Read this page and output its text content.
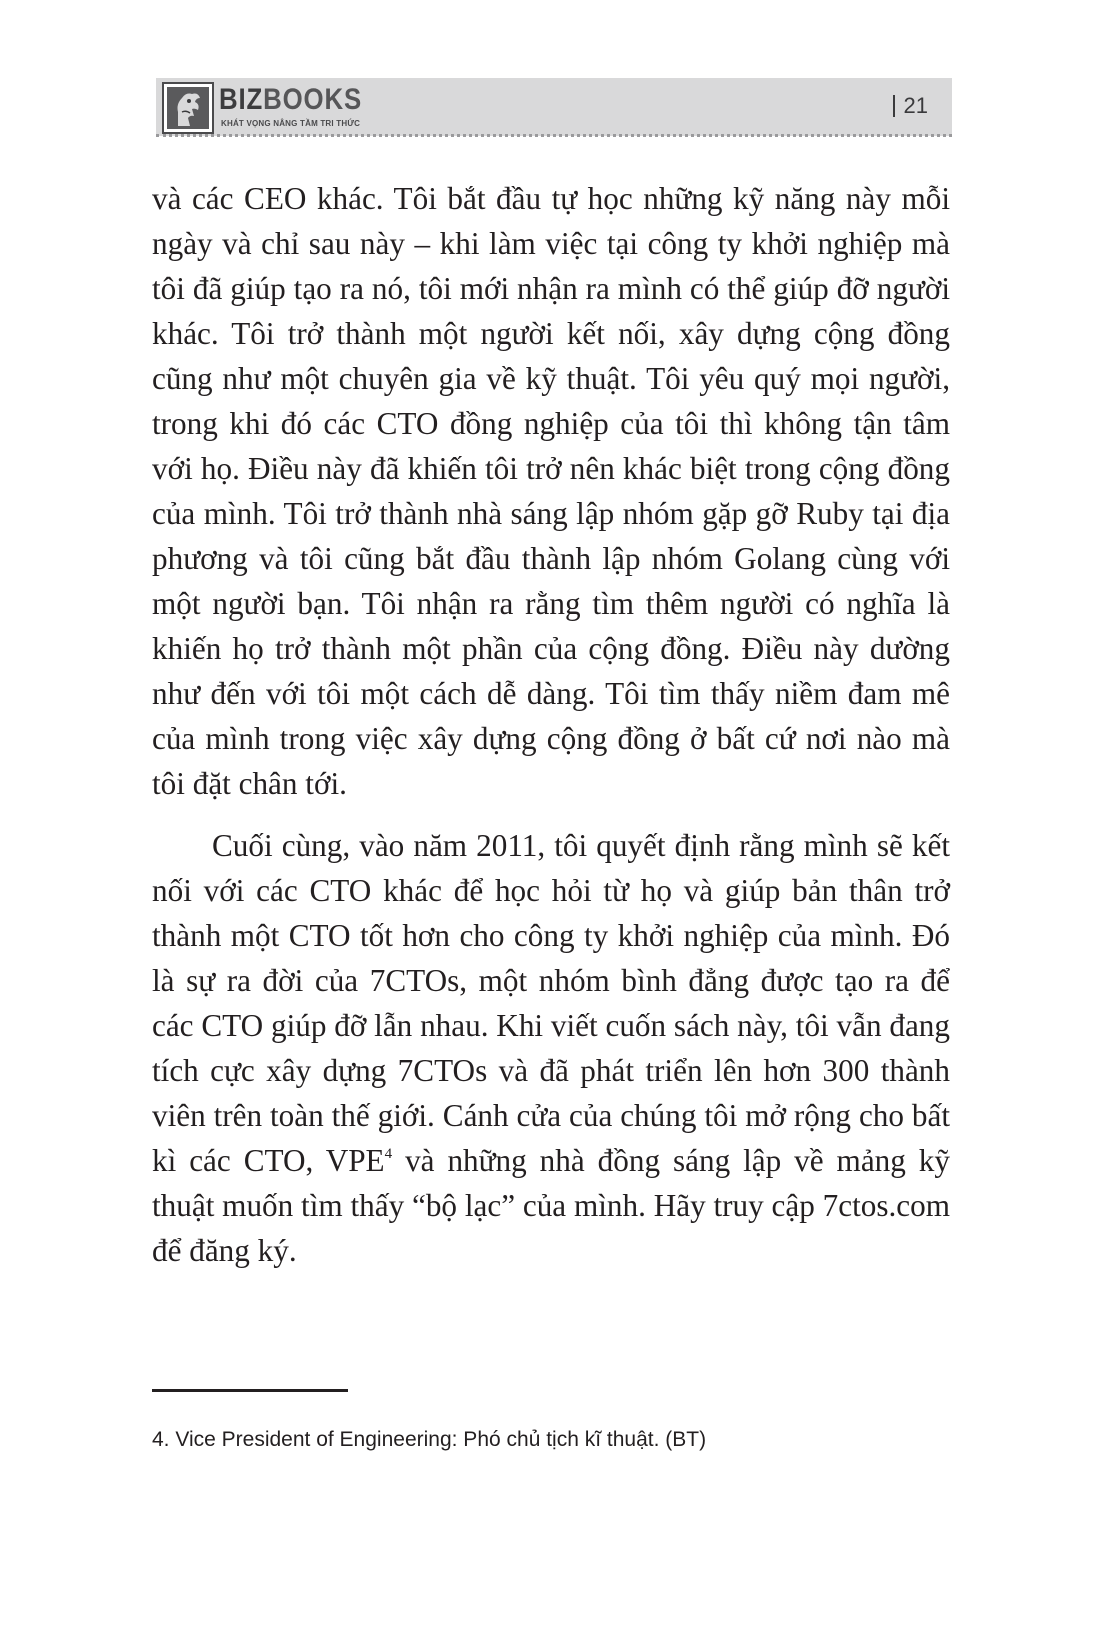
BIZBOOKS
KHÁT VỌNG NÂNG TẦM TRI THỨC
21

và các CEO khác. Tôi bắt đầu tự học những kỹ năng này mỗi ngày và chỉ sau này – khi làm việc tại công ty khởi nghiệp mà tôi đã giúp tạo ra nó, tôi mới nhận ra mình có thể giúp đỡ người khác. Tôi trở thành một người kết nối, xây dựng cộng đồng cũng như một chuyên gia về kỹ thuật. Tôi yêu quý mọi người, trong khi đó các CTO đồng nghiệp của tôi thì không tận tâm với họ. Điều này đã khiến tôi trở nên khác biệt trong cộng đồng của mình. Tôi trở thành nhà sáng lập nhóm gặp gỡ Ruby tại địa phương và tôi cũng bắt đầu thành lập nhóm Golang cùng với một người bạn. Tôi nhận ra rằng tìm thêm người có nghĩa là khiến họ trở thành một phần của cộng đồng. Điều này dường như đến với tôi một cách dễ dàng. Tôi tìm thấy niềm đam mê của mình trong việc xây dựng cộng đồng ở bất cứ nơi nào mà tôi đặt chân tới.

Cuối cùng, vào năm 2011, tôi quyết định rằng mình sẽ kết nối với các CTO khác để học hỏi từ họ và giúp bản thân trở thành một CTO tốt hơn cho công ty khởi nghiệp của mình. Đó là sự ra đời của 7CTOs, một nhóm bình đẳng được tạo ra để các CTO giúp đỡ lẫn nhau. Khi viết cuốn sách này, tôi vẫn đang tích cực xây dựng 7CTOs và đã phát triển lên hơn 300 thành viên trên toàn thế giới. Cánh cửa của chúng tôi mở rộng cho bất kì các CTO, VPE$^4$ và những nhà đồng sáng lập về mảng kỹ thuật muốn tìm thấy “bộ lạc” của mình. Hãy truy cập 7ctos.com để đăng ký.

4. Vice President of Engineering: Phó chủ tịch kĩ thuật. (BT)
